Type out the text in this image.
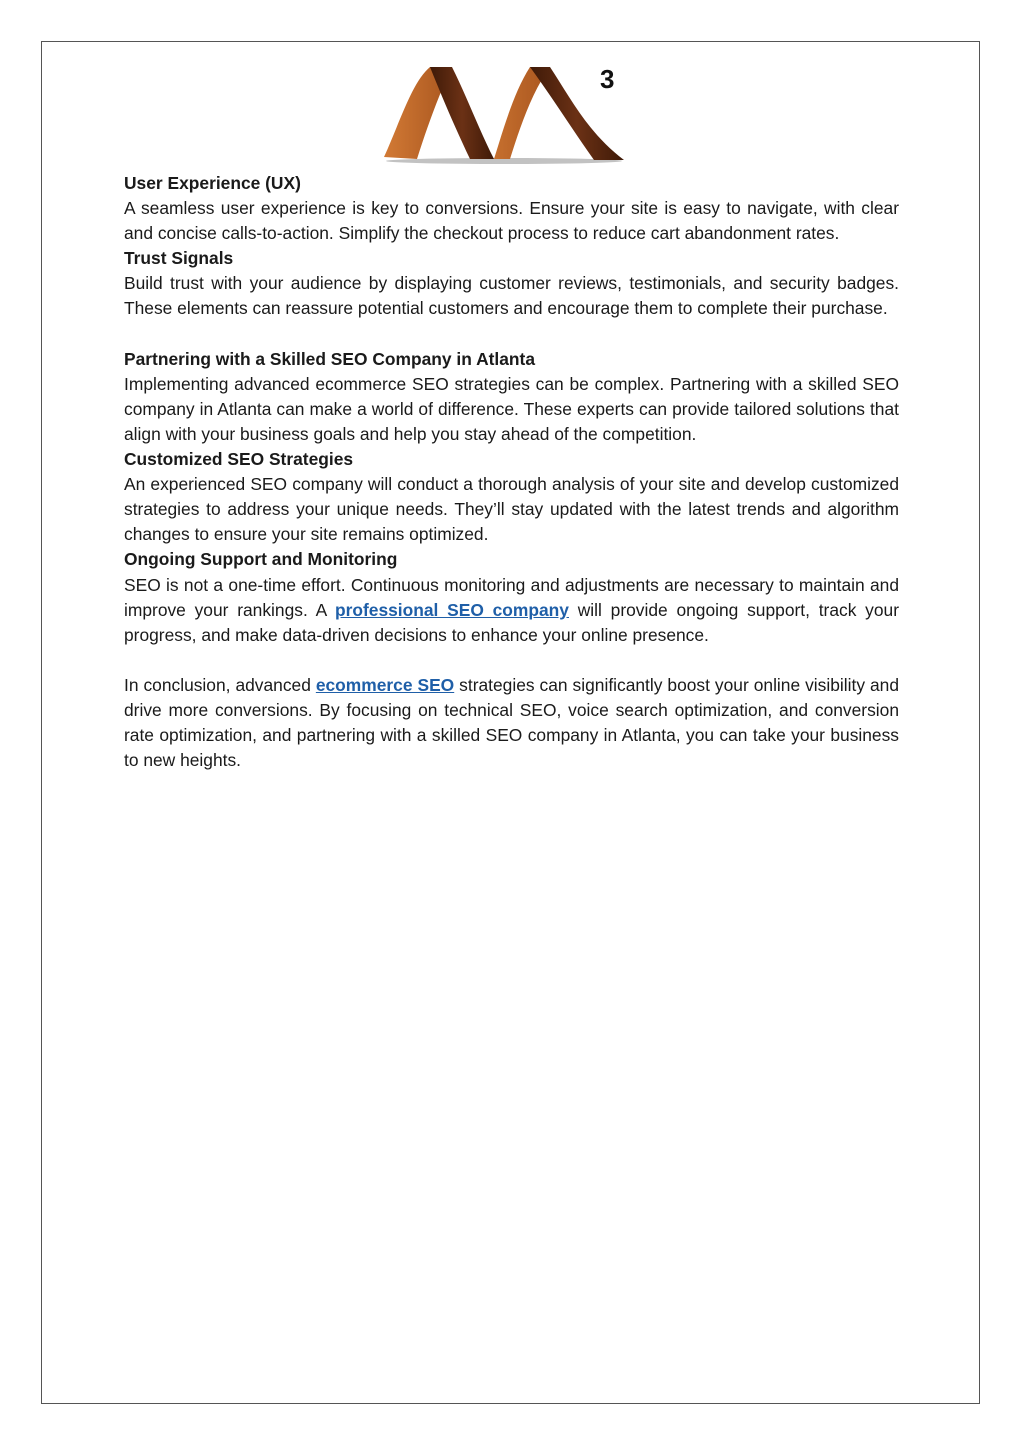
3
User Experience (UX)

A seamless user experience is key to conversions. Ensure your site is easy to navigate, with clear and concise calls-to-action. Simplify the checkout process to reduce cart abandonment rates.

Trust Signals

Build trust with your audience by displaying customer reviews, testimonials, and security badges. These elements can reassure potential customers and encourage them to complete their purchase.

Partnering with a Skilled SEO Company in Atlanta

Implementing advanced ecommerce SEO strategies can be complex. Partnering with a skilled SEO company in Atlanta can make a world of difference. These experts can provide tailored solutions that align with your business goals and help you stay ahead of the competition.

Customized SEO Strategies

An experienced SEO company will conduct a thorough analysis of your site and develop customized strategies to address your unique needs. They’ll stay updated with the latest trends and algorithm changes to ensure your site remains optimized.

Ongoing Support and Monitoring

SEO is not a one-time effort. Continuous monitoring and adjustments are necessary to maintain and improve your rankings. A professional SEO company will provide ongoing support, track your progress, and make data-driven decisions to enhance your online presence.

In conclusion, advanced ecommerce SEO strategies can significantly boost your online visibility and drive more conversions. By focusing on technical SEO, voice search optimization, and conversion rate optimization, and partnering with a skilled SEO company in Atlanta, you can take your business to new heights.
